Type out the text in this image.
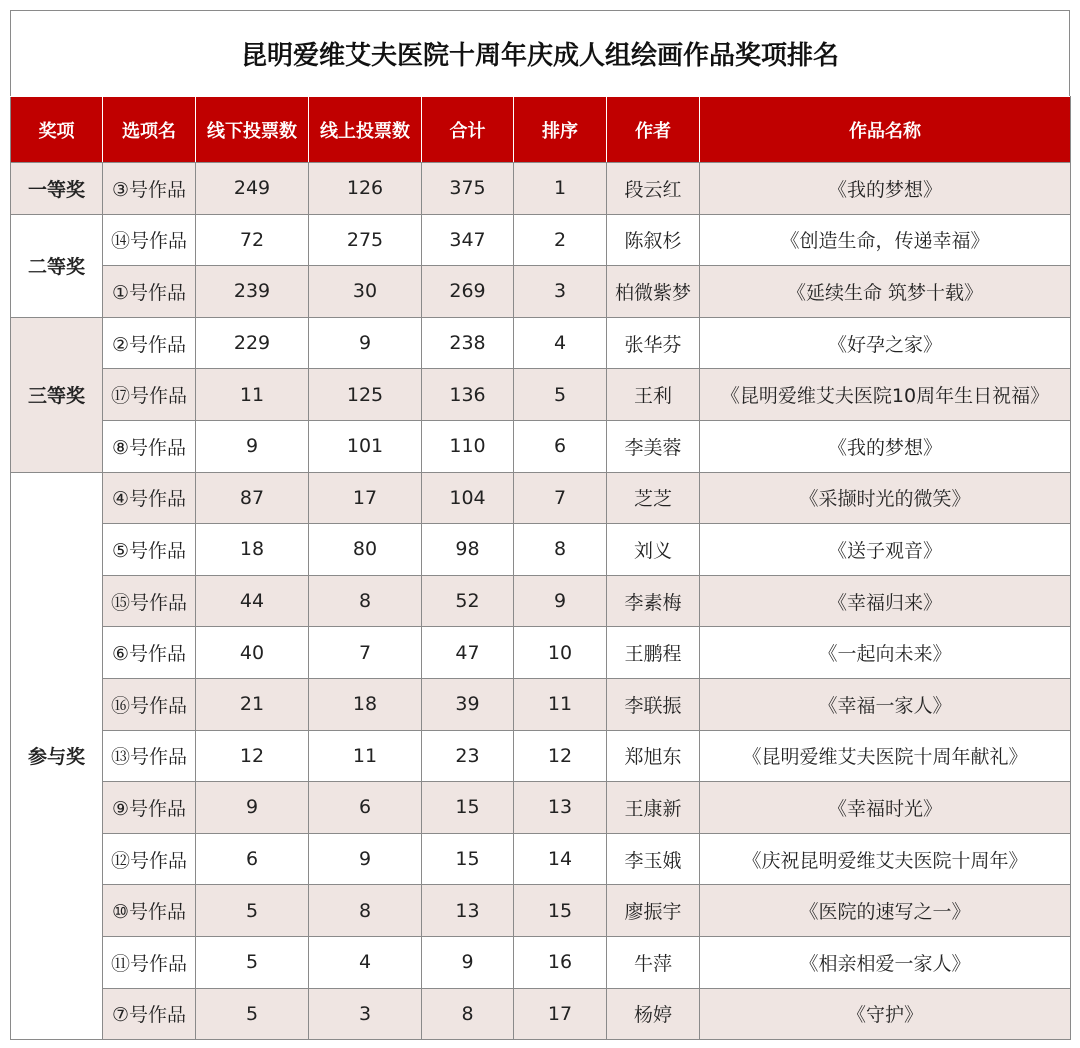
昆明爱维艾夫医院十周年庆成人组绘画作品奖项排名
奖项	选项名	线下投票数	线上投票数	合计	排序	作者	作品名称
一等奖	③号作品	249	126	375	1	段云红	《我的梦想》
二等奖	⑭号作品	72	275	347	2	陈叙杉	《创造生命，传递幸福》
	①号作品	239	30	269	3	柏微紫梦	《延续生命 筑梦十载》
三等奖	②号作品	229	9	238	4	张华芬	《好孕之家》
	⑰号作品	11	125	136	5	王利	《昆明爱维艾夫医院10周年生日祝福》
	⑧号作品	9	101	110	6	李美蓉	《我的梦想》
参与奖	④号作品	87	17	104	7	芝芝	《采撷时光的微笑》
	⑤号作品	18	80	98	8	刘义	《送子观音》
	⑮号作品	44	8	52	9	李素梅	《幸福归来》
	⑥号作品	40	7	47	10	王鹏程	《一起向未来》
	⑯号作品	21	18	39	11	李联振	《幸福一家人》
	⑬号作品	12	11	23	12	郑旭东	《昆明爱维艾夫医院十周年献礼》
	⑨号作品	9	6	15	13	王康新	《幸福时光》
	⑫号作品	6	9	15	14	李玉娥	《庆祝昆明爱维艾夫医院十周年》
	⑩号作品	5	8	13	15	廖振宇	《医院的速写之一》
	⑪号作品	5	4	9	16	牛萍	《相亲相爱一家人》
	⑦号作品	5	3	8	17	杨婷	《守护》
